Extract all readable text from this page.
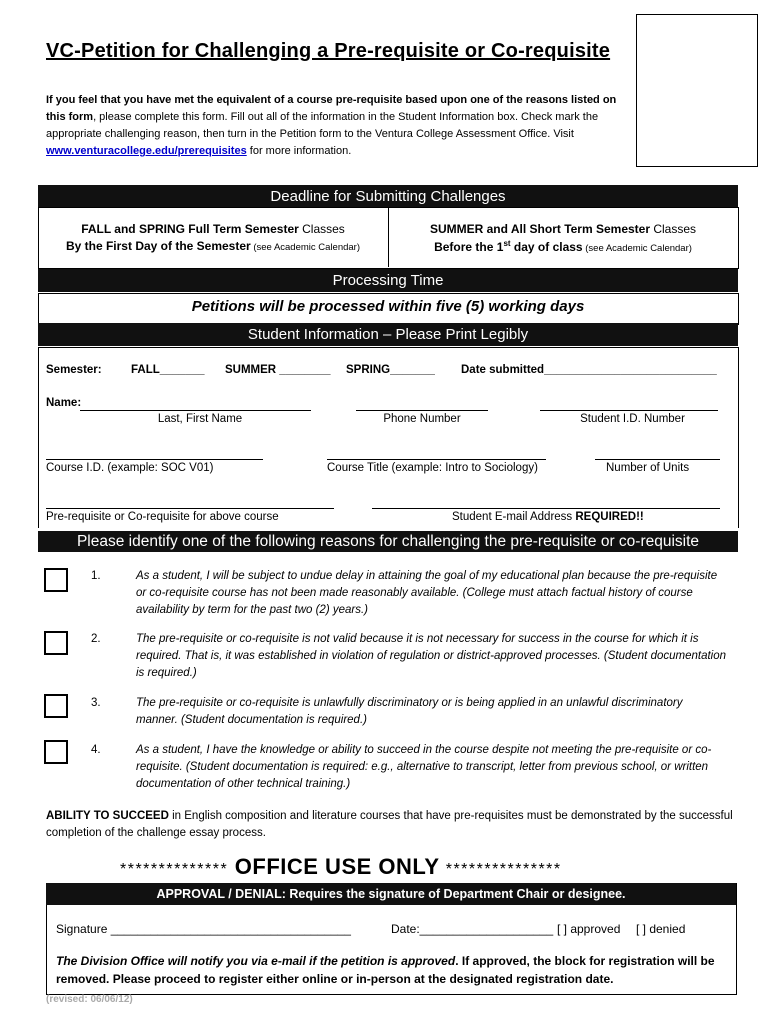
VC-Petition for Challenging a Pre-requisite or Co-requisite
If you feel that you have met the equivalent of a course pre-requisite based upon one of the reasons listed on this form, please complete this form. Fill out all of the information in the Student Information box. Check mark the appropriate challenging reason, then turn in the Petition form to the Ventura College Assessment Office. Visit www.venturacollege.edu/prerequisites for more information.
Deadline for Submitting Challenges
FALL and SPRING Full Term Semester Classes
By the First Day of the Semester (see Academic Calendar)
SUMMER and All Short Term Semester Classes
Before the 1st day of class (see Academic Calendar)
Processing Time
Petitions will be processed within five (5) working days
Student Information – Please Print Legibly
Semester:	FALL_______ SUMMER ________ SPRING_______ Date submitted___________________________
Name:
Last, First Name	Phone Number	Student I.D. Number
Course I.D. (example: SOC V01)	Course Title (example: Intro to Sociology)	Number of Units
Pre-requisite or Co-requisite for above course	Student E-mail Address REQUIRED!!
Please identify one of the following reasons for challenging the pre-requisite or co-requisite
1.	As a student, I will be subject to undue delay in attaining the goal of my educational plan because the pre-requisite or co-requisite course has not been made reasonably available. (College must attach factual history of course availability by term for the past two (2) years.)
2.	The pre-requisite or co-requisite is not valid because it is not necessary for success in the course for which it is required. That is, it was established in violation of regulation or district-approved processes. (Student documentation is required.)
3.	The pre-requisite or co-requisite is unlawfully discriminatory or is being applied in an unlawful discriminatory manner. (Student documentation is required.)
4.	As a student, I have the knowledge or ability to succeed in the course despite not meeting the pre-requisite or co-requisite. (Student documentation is required: e.g., alternative to transcript, letter from previous school, or written documentation of other technical training.)
ABILITY TO SUCCEED in English composition and literature courses that have pre-requisites must be demonstrated by the successful completion of the challenge essay process.
************** OFFICE USE ONLY ***************
APPROVAL / DENIAL: Requires the signature of Department Chair or designee.
Signature ____________________________________	Date:____________________ [ ] approved [ ] denied
The Division Office will notify you via e-mail if the petition is approved. If approved, the block for registration will be removed. Please proceed to register either online or in-person at the designated registration date.
(revised: 06/06/12)
